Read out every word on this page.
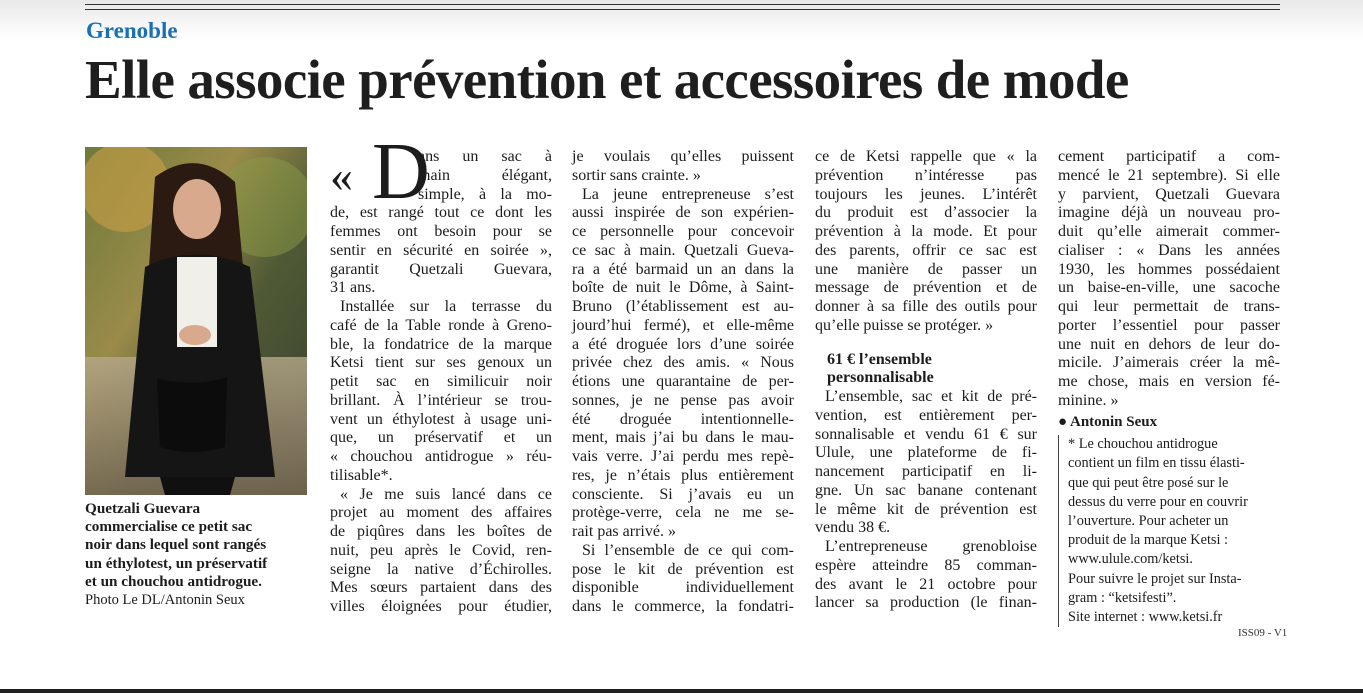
Grenoble
Elle associe prévention et accessoires de mode
Quetzali Guevara
commercialise ce petit sac
noir dans lequel sont rangés
un éthylotest, un préservatif
et un chouchou antidrogue.
Photo Le DL/Antonin Seux
« D
ans un sac à
main élégant,
simple, à la mo-
de, est rangé tout ce dont les
femmes ont besoin pour se
sentir en sécurité en soirée »,
garantit Quetzali Guevara,
31 ans.
Installée sur la terrasse du
café de la Table ronde à Greno-
ble, la fondatrice de la marque
Ketsi tient sur ses genoux un
petit sac en similicuir noir
brillant. À l’intérieur se trou-
vent un éthylotest à usage uni-
que, un préservatif et un
« chouchou antidrogue » réu-
tilisable*.
« Je me suis lancé dans ce
projet au moment des affaires
de piqûres dans les boîtes de
nuit, peu après le Covid, ren-
seigne la native d’Échirolles.
Mes sœurs partaient dans des
villes éloignées pour étudier,
je voulais qu’elles puissent
sortir sans crainte. »
La jeune entrepreneuse s’est
aussi inspirée de son expérien-
ce personnelle pour concevoir
ce sac à main. Quetzali Gueva-
ra a été barmaid un an dans la
boîte de nuit le Dôme, à Saint-
Bruno (l’établissement est au-
jourd’hui fermé), et elle-même
a été droguée lors d’une soirée
privée chez des amis. « Nous
étions une quarantaine de per-
sonnes, je ne pense pas avoir
été droguée intentionnelle-
ment, mais j’ai bu dans le mau-
vais verre. J’ai perdu mes repè-
res, je n’étais plus entièrement
consciente. Si j’avais eu un
protège-verre, cela ne me se-
rait pas arrivé. »
Si l’ensemble de ce qui com-
pose le kit de prévention est
disponible individuellement
dans le commerce, la fondatri-
ce de Ketsi rappelle que « la
prévention n’intéresse pas
toujours les jeunes. L’intérêt
du produit est d’associer la
prévention à la mode. Et pour
des parents, offrir ce sac est
une manière de passer un
message de prévention et de
donner à sa fille des outils pour
qu’elle puisse se protéger. »
61 € l’ensemble
personnalisable
L’ensemble, sac et kit de pré-
vention, est entièrement per-
sonnalisable et vendu 61 € sur
Ulule, une plateforme de fi-
nancement participatif en li-
gne. Un sac banane contenant
le même kit de prévention est
vendu 38 €.
L’entrepreneuse grenobloise
espère atteindre 85 comman-
des avant le 21 octobre pour
lancer sa production (le finan-
cement participatif a com-
mencé le 21 septembre). Si elle
y parvient, Quetzali Guevara
imagine déjà un nouveau pro-
duit qu’elle aimerait commer-
cialiser : « Dans les années
1930, les hommes possédaient
un baise-en-ville, une sacoche
qui leur permettait de trans-
porter l’essentiel pour passer
une nuit en dehors de leur do-
micile. J’aimerais créer la mê-
me chose, mais en version fé-
minine. »
● Antonin Seux
* Le chouchou antidrogue
contient un film en tissu élasti-
que qui peut être posé sur le
dessus du verre pour en couvrir
l’ouverture. Pour acheter un
produit de la marque Ketsi :
www.ulule.com/ketsi.
Pour suivre le projet sur Insta-
gram : “ketsifesti”.
Site internet : www.ketsi.fr
ISS09 - V1
